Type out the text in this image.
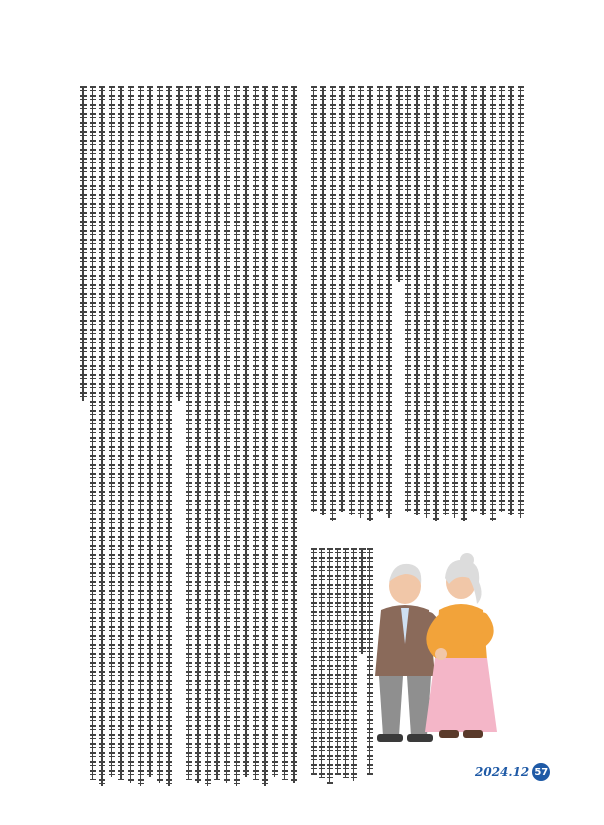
2024.12 57
